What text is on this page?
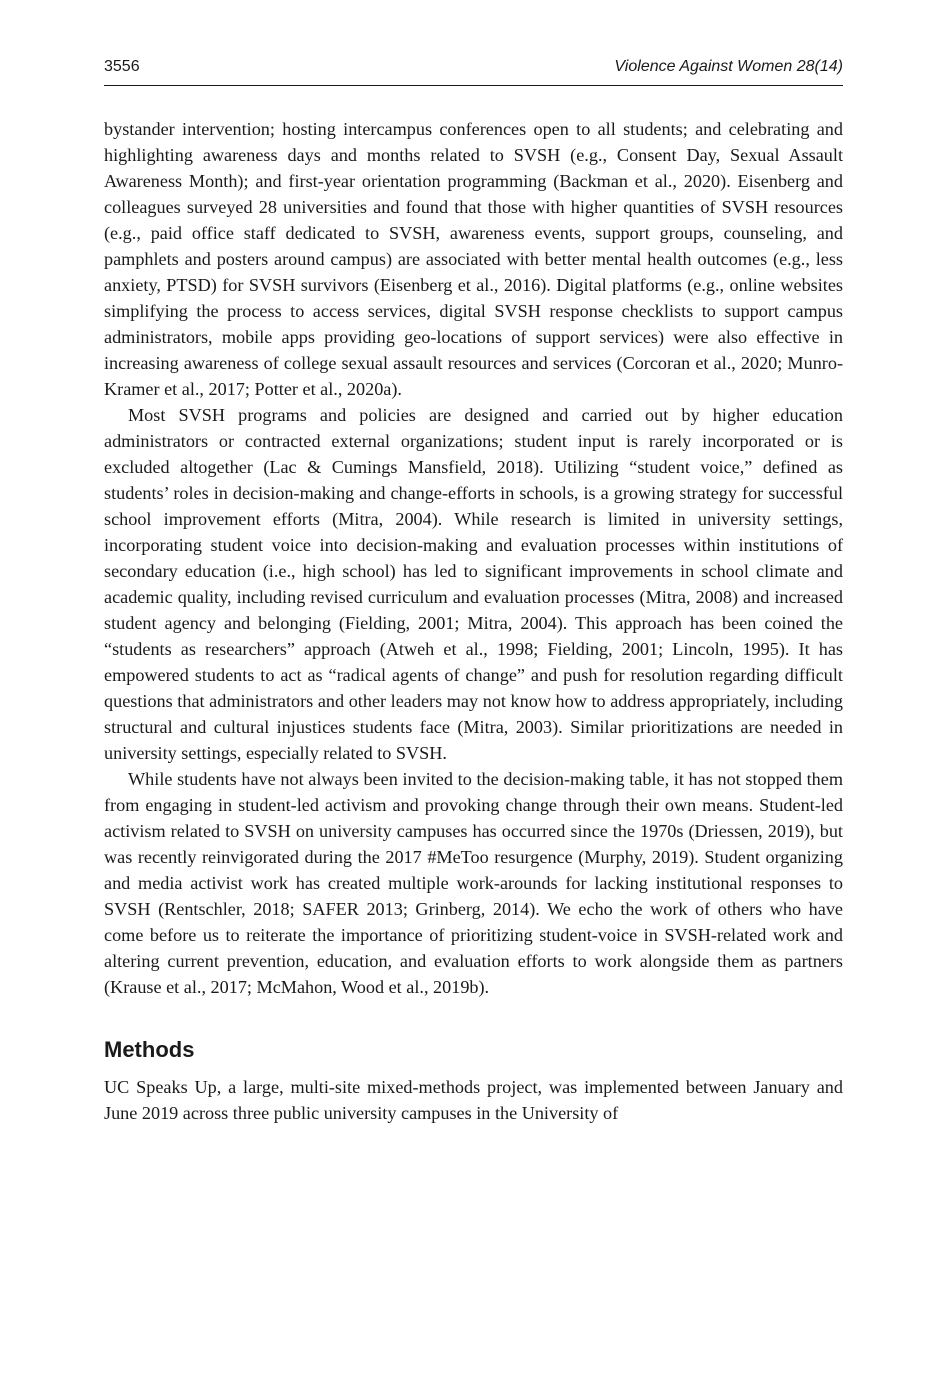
3556	Violence Against Women 28(14)

bystander intervention; hosting intercampus conferences open to all students; and celebrating and highlighting awareness days and months related to SVSH (e.g., Consent Day, Sexual Assault Awareness Month); and first-year orientation programming (Backman et al., 2020). Eisenberg and colleagues surveyed 28 universities and found that those with higher quantities of SVSH resources (e.g., paid office staff dedicated to SVSH, awareness events, support groups, counseling, and pamphlets and posters around campus) are associated with better mental health outcomes (e.g., less anxiety, PTSD) for SVSH survivors (Eisenberg et al., 2016). Digital platforms (e.g., online websites simplifying the process to access services, digital SVSH response checklists to support campus administrators, mobile apps providing geo-locations of support services) were also effective in increasing awareness of college sexual assault resources and services (Corcoran et al., 2020; Munro-Kramer et al., 2017; Potter et al., 2020a).

Most SVSH programs and policies are designed and carried out by higher education administrators or contracted external organizations; student input is rarely incorporated or is excluded altogether (Lac & Cumings Mansfield, 2018). Utilizing “student voice,” defined as students’ roles in decision-making and change-efforts in schools, is a growing strategy for successful school improvement efforts (Mitra, 2004). While research is limited in university settings, incorporating student voice into decision-making and evaluation processes within institutions of secondary education (i.e., high school) has led to significant improvements in school climate and academic quality, including revised curriculum and evaluation processes (Mitra, 2008) and increased student agency and belonging (Fielding, 2001; Mitra, 2004). This approach has been coined the “students as researchers” approach (Atweh et al., 1998; Fielding, 2001; Lincoln, 1995). It has empowered students to act as “radical agents of change” and push for resolution regarding difficult questions that administrators and other leaders may not know how to address appropriately, including structural and cultural injustices students face (Mitra, 2003). Similar prioritizations are needed in university settings, especially related to SVSH.

While students have not always been invited to the decision-making table, it has not stopped them from engaging in student-led activism and provoking change through their own means. Student-led activism related to SVSH on university campuses has occurred since the 1970s (Driessen, 2019), but was recently reinvigorated during the 2017 #MeToo resurgence (Murphy, 2019). Student organizing and media activist work has created multiple work-arounds for lacking institutional responses to SVSH (Rentschler, 2018; SAFER 2013; Grinberg, 2014). We echo the work of others who have come before us to reiterate the importance of prioritizing student-voice in SVSH-related work and altering current prevention, education, and evaluation efforts to work alongside them as partners (Krause et al., 2017; McMahon, Wood et al., 2019b).

Methods

UC Speaks Up, a large, multi-site mixed-methods project, was implemented between January and June 2019 across three public university campuses in the University of
